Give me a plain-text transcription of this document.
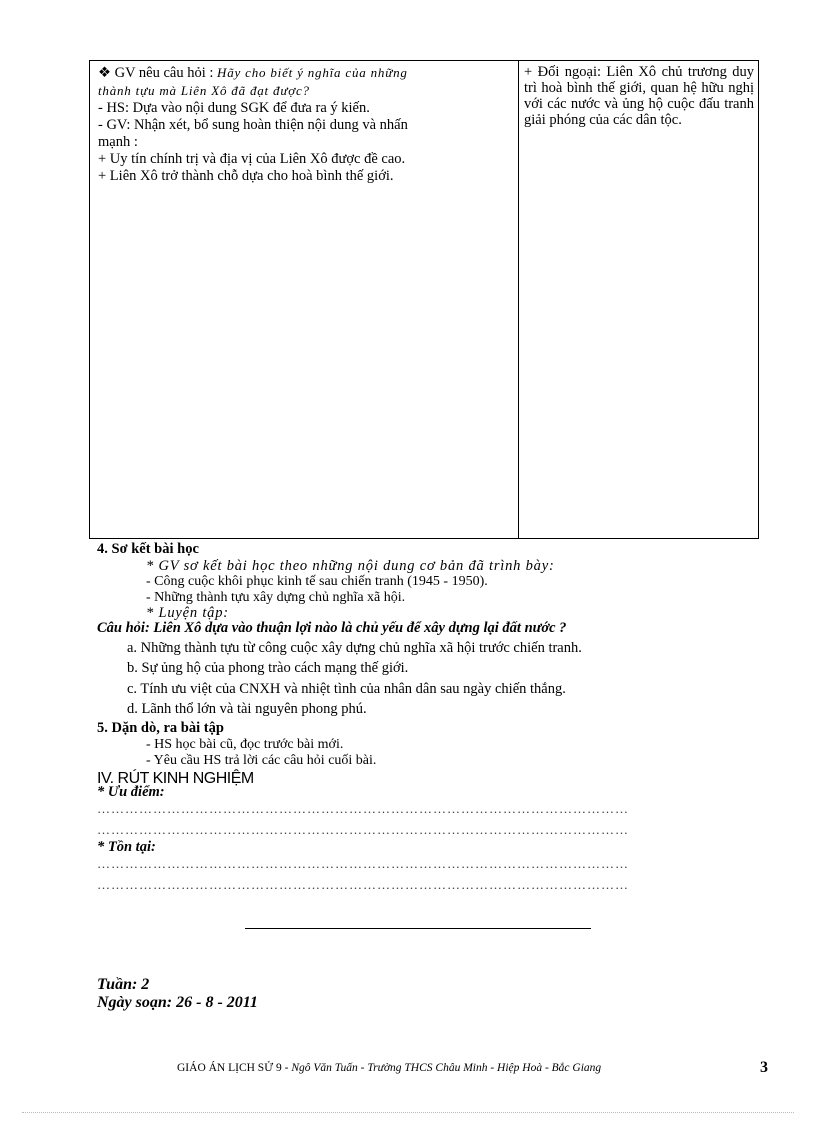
❖ GV nêu câu hỏi : Hãy cho biết ý nghĩa của những

thành tựu mà Liên Xô đã đạt được?

- HS: Dựa vào nội dung SGK để đưa ra ý kiến.

- GV: Nhận xét, bổ sung hoàn thiện nội dung và nhấn

mạnh :

+ Uy tín chính trị và địa vị của Liên Xô được đề cao.

+ Liên Xô trở thành chỗ dựa cho hoà bình thế giới.

+ Đối ngoại: Liên Xô chủ trương duy trì hoà bình thế giới, quan hệ hữu nghị với các nước và ủng hộ cuộc đấu tranh giải phóng của các dân tộc.

4. Sơ kết bài học
* GV sơ kết bài học theo những nội dung cơ bản đã trình bày:
- Công cuộc khôi phục kinh tế sau chiến tranh (1945 - 1950).
- Những thành tựu xây dựng chủ nghĩa xã hội.
* Luyện tập:
Câu hỏi: Liên Xô dựa vào thuận lợi nào là chủ yếu để xây dựng lại đất nước ?
a. Những thành tựu từ công cuộc xây dựng chủ nghĩa xã hội trước chiến tranh.
b. Sự ủng hộ của phong trào cách mạng thế giới.
c. Tính ưu việt của CNXH và nhiệt tình của nhân dân sau ngày chiến thắng.
d. Lãnh thổ lớn và tài nguyên phong phú.
5. Dặn dò, ra bài tập
- HS học bài cũ, đọc trước bài mới.
- Yêu cầu HS trả lời các câu hỏi cuối bài.
IV. RÚT KINH NGHIỆM
* Ưu điểm:
……………………………………………………………………………………………………
……………………………………………………………………………………………………
* Tồn tại:
……………………………………………………………………………………………………
……………………………………………………………………………………………………
Tuần: 2
Ngày soạn: 26 - 8 - 2011
GIÁO ÁN LỊCH SỬ 9 - Ngô Văn Tuấn - Trường THCS Châu Minh - Hiệp Hoà - Bắc Giang	3
